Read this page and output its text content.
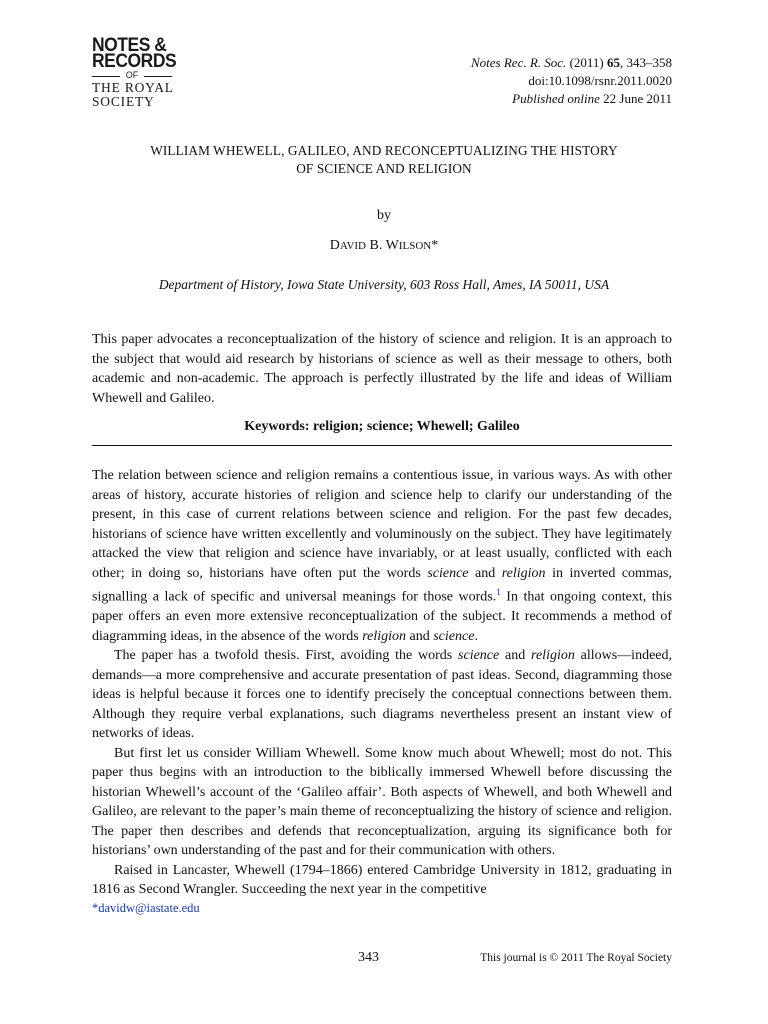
NOTES &
RECORDS
OF
THE ROYAL
SOCIETY
Notes Rec. R. Soc. (2011) 65, 343–358
doi:10.1098/rsnr.2011.0020
Published online 22 June 2011
WILLIAM WHEWELL, GALILEO, AND RECONCEPTUALIZING THE HISTORY
OF SCIENCE AND RELIGION
by
DAVID B. WILSON*
Department of History, Iowa State University, 603 Ross Hall, Ames, IA 50011, USA
This paper advocates a reconceptualization of the history of science and religion. It is an approach to the subject that would aid research by historians of science as well as their message to others, both academic and non-academic. The approach is perfectly illustrated by the life and ideas of William Whewell and Galileo.
Keywords: religion; science; Whewell; Galileo

The relation between science and religion remains a contentious issue, in various ways. As with other areas of history, accurate histories of religion and science help to clarify our understanding of the present, in this case of current relations between science and religion. For the past few decades, historians of science have written excellently and voluminously on the subject. They have legitimately attacked the view that religion and science have invariably, or at least usually, conflicted with each other; in doing so, historians have often put the words science and religion in inverted commas, signalling a lack of specific and universal meanings for those words.$^1$ In that ongoing context, this paper offers an even more extensive reconceptualization of the subject. It recommends a method of diagramming ideas, in the absence of the words religion and science.

The paper has a twofold thesis. First, avoiding the words science and religion allows—indeed, demands—a more comprehensive and accurate presentation of past ideas. Second, diagramming those ideas is helpful because it forces one to identify precisely the conceptual connections between them. Although they require verbal explanations, such diagrams nevertheless present an instant view of networks of ideas.

But first let us consider William Whewell. Some know much about Whewell; most do not. This paper thus begins with an introduction to the biblically immersed Whewell before discussing the historian Whewell’s account of the ‘Galileo affair’. Both aspects of Whewell, and both Whewell and Galileo, are relevant to the paper’s main theme of reconceptualizing the history of science and religion. The paper then describes and defends that reconceptualization, arguing its significance both for historians’ own understanding of the past and for their communication with others.

Raised in Lancaster, Whewell (1794–1866) entered Cambridge University in 1812, graduating in 1816 as Second Wrangler. Succeeding the next year in the competitive

*davidw@iastate.edu
343	This journal is © 2011 The Royal Society
